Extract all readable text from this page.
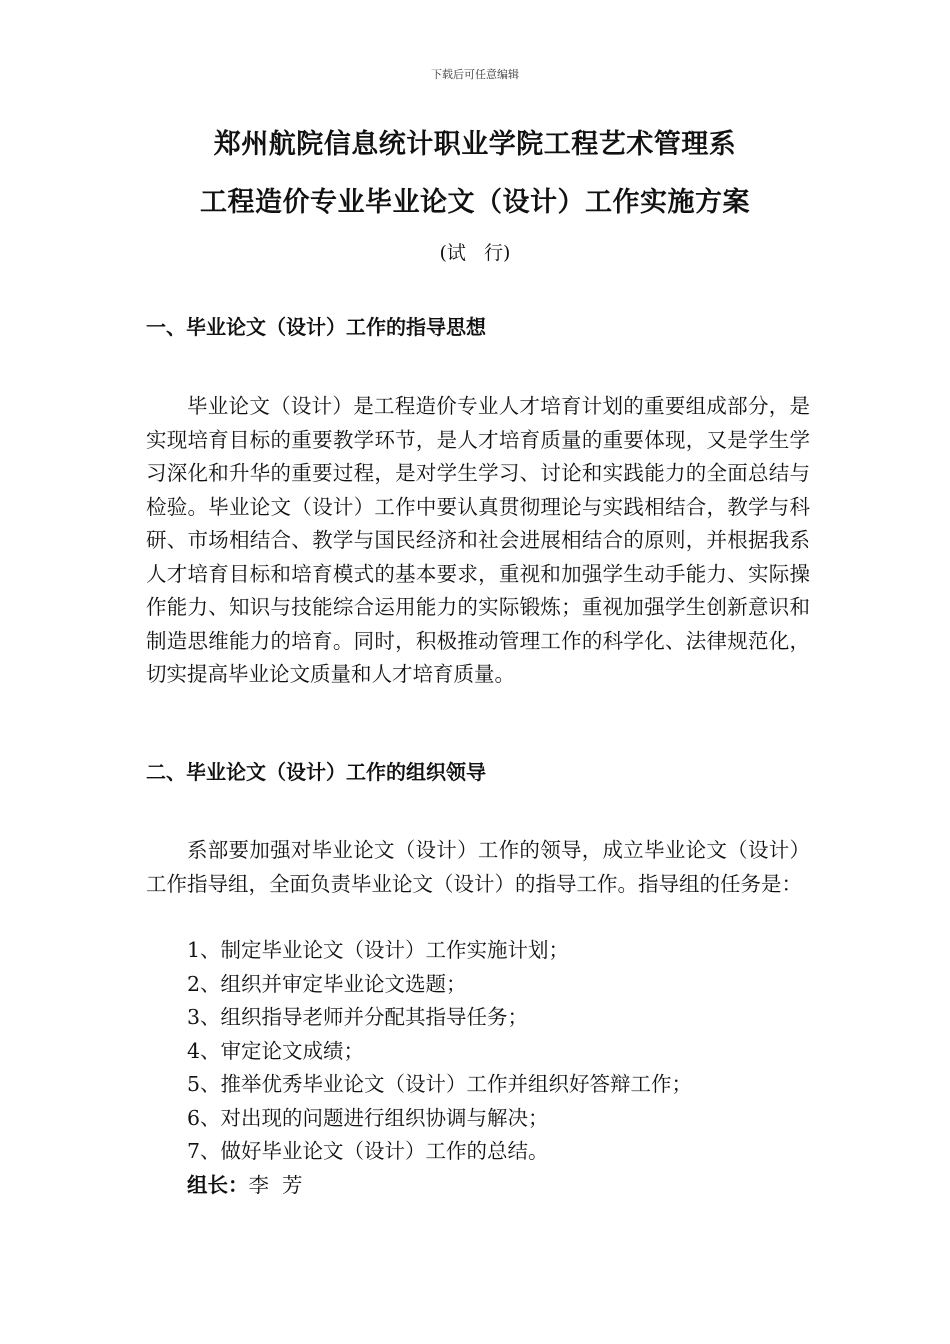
下载后可任意编辑
郑州航院信息统计职业学院工程艺术管理系
工程造价专业毕业论文（设计）工作实施方案
(试   行)
一、毕业论文（设计）工作的指导思想

毕业论文（设计）是工程造价专业人才培育计划的重要组成部分，是实现培育目标的重要教学环节，是人才培育质量的重要体现，又是学生学习深化和升华的重要过程，是对学生学习、讨论和实践能力的全面总结与检验。毕业论文（设计）工作中要认真贯彻理论与实践相结合，教学与科研、市场相结合、教学与国民经济和社会进展相结合的原则，并根据我系人才培育目标和培育模式的基本要求，重视和加强学生动手能力、实际操作能力、知识与技能综合运用能力的实际锻炼；重视加强学生创新意识和制造思维能力的培育。同时，积极推动管理工作的科学化、法律规范化，切实提高毕业论文质量和人才培育质量。

二、毕业论文（设计）工作的组织领导

系部要加强对毕业论文（设计）工作的领导，成立毕业论文（设计）工作指导组，全面负责毕业论文（设计）的指导工作。指导组的任务是：

1、制定毕业论文（设计）工作实施计划；
2、组织并审定毕业论文选题；
3、组织指导老师并分配其指导任务；
4、审定论文成绩；
5、推举优秀毕业论文（设计）工作并组织好答辩工作；
6、对出现的问题进行组织协调与解决；
7、做好毕业论文（设计）工作的总结。
组长：李  芳
